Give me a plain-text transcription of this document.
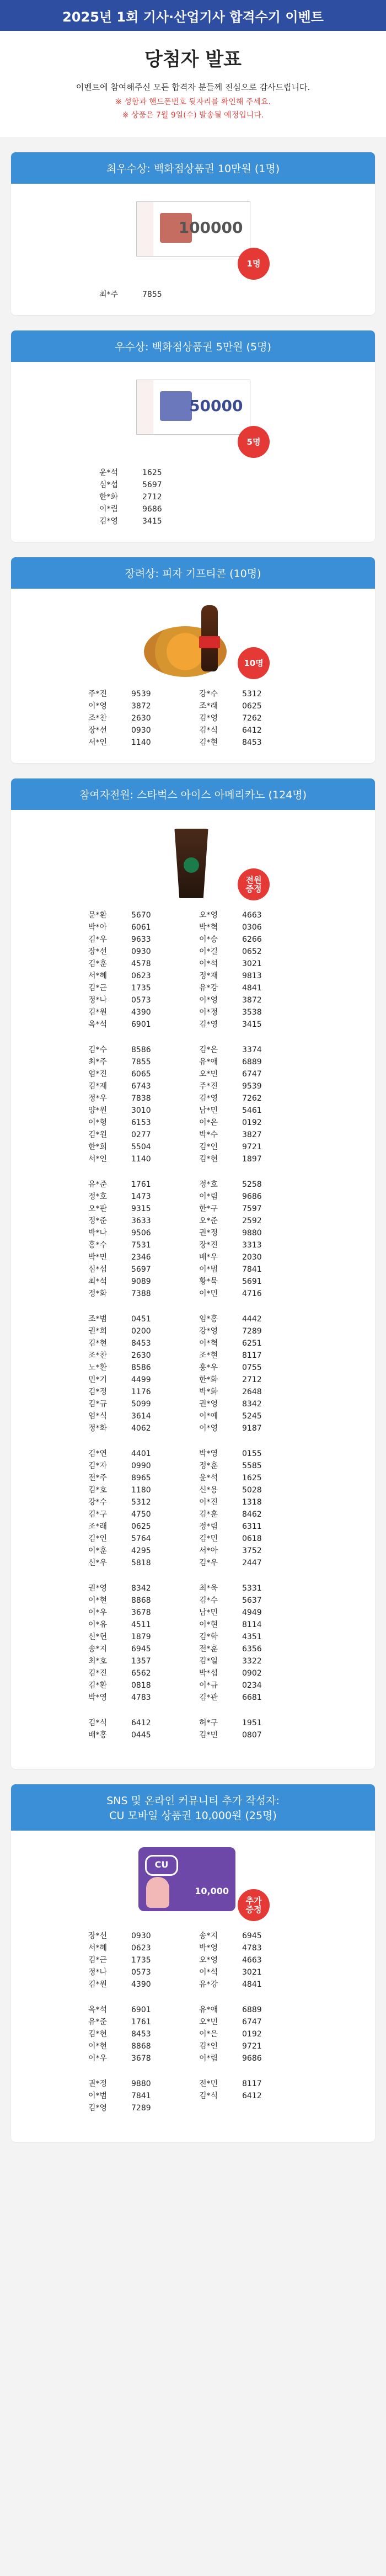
2025년 1회 기사·산업기사 합격수기 이벤트
당첨자 발표

이벤트에 참여해주신 모든 합격자 분들께 진심으로 감사드립니다.

※ 성함과 핸드폰번호 뒷자리를 확인해 주세요.

※ 상품은 7월 9일(수) 발송될 예정입니다.

최우수상: 백화점상품권 10만원 (1명)
100000
1명
최*주	7855
우수상: 백화점상품권 5만원 (5명)
50000
5명
윤*석	1625
심*섭	5697
한*화	2712
이*림	9686
김*영	3415
장려상: 피자 기프티콘 (10명)
10명
주*진	9539	강*수	5312
이*영	3872	조*래	0625
조*찬	2630	김*영	7262
장*선	0930	김*식	6412
서*인	1140	김*현	8453
참여자전원: 스타벅스 아이스 아메리카노 (124명)
전원
증정
문*환	5670	오*영	4663
박*아	6061	박*혁	0306
김*우	9633	이*승	6266
장*선	0930	이*길	0652
김*훈	4578	이*석	3021
서*혜	0623	정*재	9813
김*근	1735	유*강	4841
정*나	0573	이*영	3872
김*원	4390	이*정	3538
옥*석	6901	김*영	3415
김*수	8586	김*은	3374
최*주	7855	유*애	6889
엄*진	6065	오*민	6747
김*재	6743	주*진	9539
정*우	7838	김*영	7262
양*원	3010	남*민	5461
이*형	6153	이*은	0192
김*원	0277	박*수	3827
한*희	5504	김*인	9721
서*인	1140	김*현	1897
유*준	1761	정*호	5258
정*호	1473	이*림	9686
오*판	9315	한*구	7597
정*준	3633	오*준	2592
박*나	9506	권*정	9880
홍*수	7531	장*진	3313
박*민	2346	배*우	2030
심*섭	5697	이*범	7841
최*석	9089	황*묵	5691
정*화	7388	이*민	4716
조*범	0451	임*홍	4442
권*희	0200	강*영	7289
김*현	8453	이*혁	6251
조*찬	2630	조*현	8117
노*환	8586	홍*우	0755
민*기	4499	한*화	2712
김*정	1176	박*화	2648
김*규	5099	권*영	8342
엄*식	3614	이*예	5245
정*화	4062	이*영	9187
김*연	4401	박*영	0155
김*자	0990	정*훈	5585
전*주	8965	윤*석	1625
김*호	1180	신*용	5028
강*수	5312	이*진	1318
김*구	4750	김*훈	8462
조*래	0625	정*림	6311
김*인	5764	김*민	0618
이*훈	4295	서*아	3752
신*우	5818	김*우	2447
권*영	8342	최*욱	5331
이*현	8868	김*수	5637
이*우	3678	남*민	4949
이*유	4511	이*현	8114
신*헌	1879	김*학	4351
송*지	6945	전*훈	6356
최*호	1357	김*일	3322
김*진	6562	박*섭	0902
김*환	0818	이*규	0234
박*영	4783	김*관	6681
김*식	6412	허*구	1951
배*홍	0445	김*민	0807
SNS 및 온라인 커뮤니티 추가 작성자:
CU 모바일 상품권 10,000원 (25명)
CU
10,000
추가
증정
장*선	0930	송*지	6945
서*혜	0623	박*영	4783
김*근	1735	오*영	4663
정*나	0573	이*석	3021
김*원	4390	유*강	4841
옥*석	6901	유*애	6889
유*준	1761	오*민	6747
김*현	8453	이*은	0192
이*현	8868	김*인	9721
이*우	3678	이*림	9686
권*정	9880	전*민	8117
이*범	7841	김*식	6412
김*영	7289
